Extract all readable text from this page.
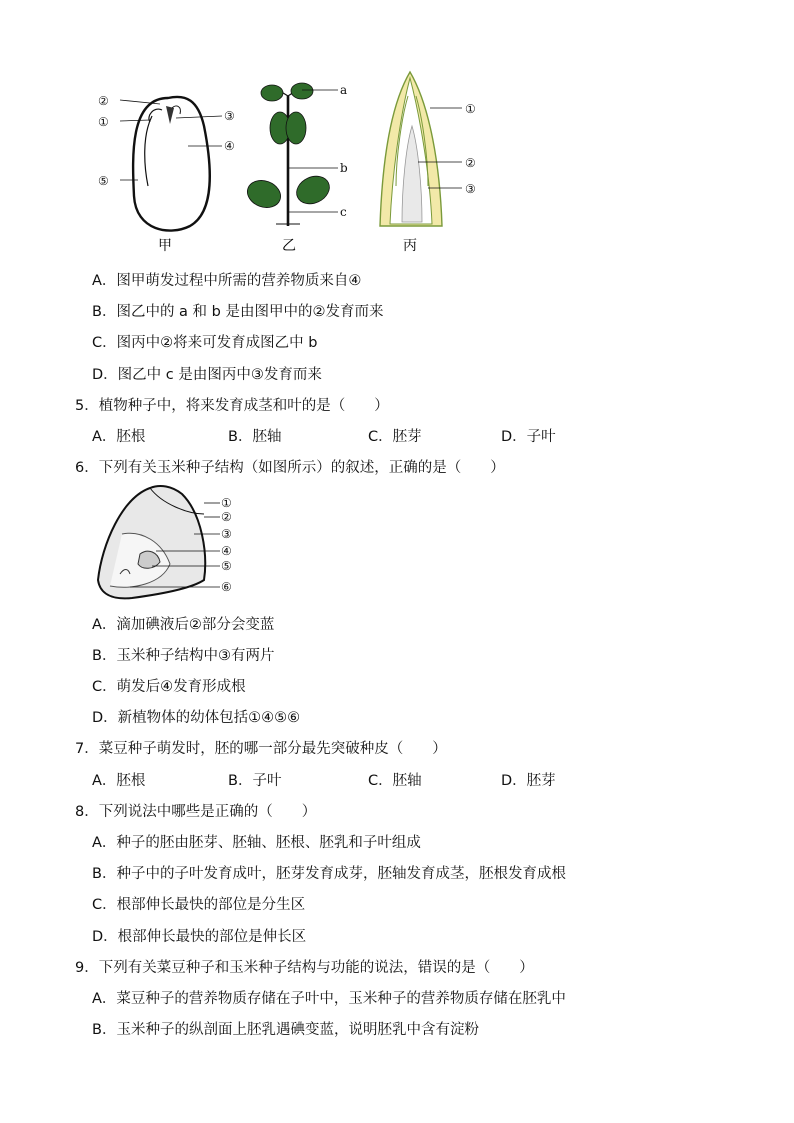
②
①	③
④
⑤
甲
a
b
c
乙
①
②
③
丙
A．图甲萌发过程中所需的营养物质来自④
B．图乙中的 a 和 b 是由图甲中的②发育而来
C．图丙中②将来可发育成图乙中 b
D．图乙中 c 是由图丙中③发育而来
5．植物种子中，将来发育成茎和叶的是（　　）
A．胚根	B．胚轴	C．胚芽	D．子叶
6．下列有关玉米种子结构（如图所示）的叙述，正确的是（　　）
①
②
③
④
⑤
⑥
A．滴加碘液后②部分会变蓝
B．玉米种子结构中③有两片
C．萌发后④发育形成根
D．新植物体的幼体包括①④⑤⑥
7．菜豆种子萌发时，胚的哪一部分最先突破种皮（　　）
A．胚根	B．子叶	C．胚轴	D．胚芽
8．下列说法中哪些是正确的（　　）
A．种子的胚由胚芽、胚轴、胚根、胚乳和子叶组成
B．种子中的子叶发育成叶，胚芽发育成芽，胚轴发育成茎，胚根发育成根
C．根部伸长最快的部位是分生区
D．根部伸长最快的部位是伸长区
9．下列有关菜豆种子和玉米种子结构与功能的说法，错误的是（　　）
A．菜豆种子的营养物质存储在子叶中，玉米种子的营养物质存储在胚乳中
B．玉米种子的纵剖面上胚乳遇碘变蓝，说明胚乳中含有淀粉
